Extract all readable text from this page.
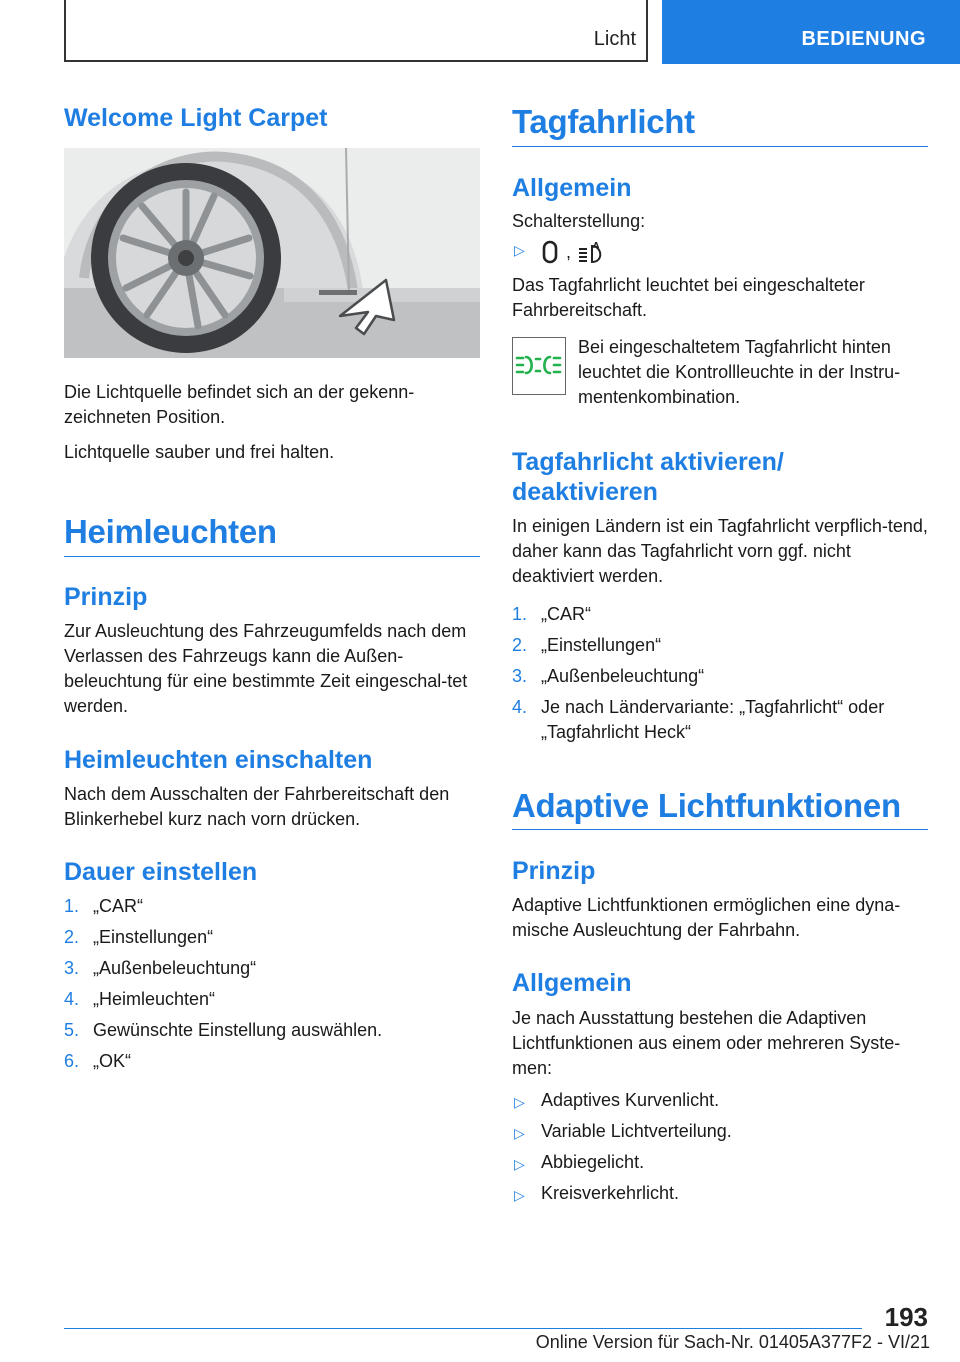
Licht	BEDIENUNG
Welcome Light Carpet
Die Lichtquelle befindet sich an der gekenn-
zeichneten Position.
Lichtquelle sauber und frei halten.
Heimleuchten
Prinzip
Zur Ausleuchtung des Fahrzeugumfelds nach dem Verlassen des Fahrzeugs kann die Außen-beleuchtung für eine bestimmte Zeit eingeschal-tet werden.
Heimleuchten einschalten
Nach dem Ausschalten der Fahrbereitschaft den Blinkerhebel kurz nach vorn drücken.
Dauer einstellen
1. „CAR“
2. „Einstellungen“
3. „Außenbeleuchtung“
4. „Heimleuchten“
5. Gewünschte Einstellung auswählen.
6. „OK“
Tagfahrlicht
Allgemein
Schalterstellung:
▷ ,	A
Das Tagfahrlicht leuchtet bei eingeschalteter Fahrbereitschaft.
Bei eingeschaltetem Tagfahrlicht hinten leuchtet die Kontrollleuchte in der Instru-mentenkombination.
Tagfahrlicht aktivieren/
deaktivieren
In einigen Ländern ist ein Tagfahrlicht verpflich-tend, daher kann das Tagfahrlicht vorn ggf. nicht deaktiviert werden.
1. „CAR“
2. „Einstellungen“
3. „Außenbeleuchtung“
4. Je nach Ländervariante: „Tagfahrlicht“ oder
„Tagfahrlicht Heck“
Adaptive Lichtfunktionen
Prinzip
Adaptive Lichtfunktionen ermöglichen eine dyna-mische Ausleuchtung der Fahrbahn.
Allgemein
Je nach Ausstattung bestehen die Adaptiven Lichtfunktionen aus einem oder mehreren Syste-men:
▷ Adaptives Kurvenlicht.
▷ Variable Lichtverteilung.
▷ Abbiegelicht.
▷ Kreisverkehrlicht.
193
Online Version für Sach-Nr. 01405A377F2 - VI/21
